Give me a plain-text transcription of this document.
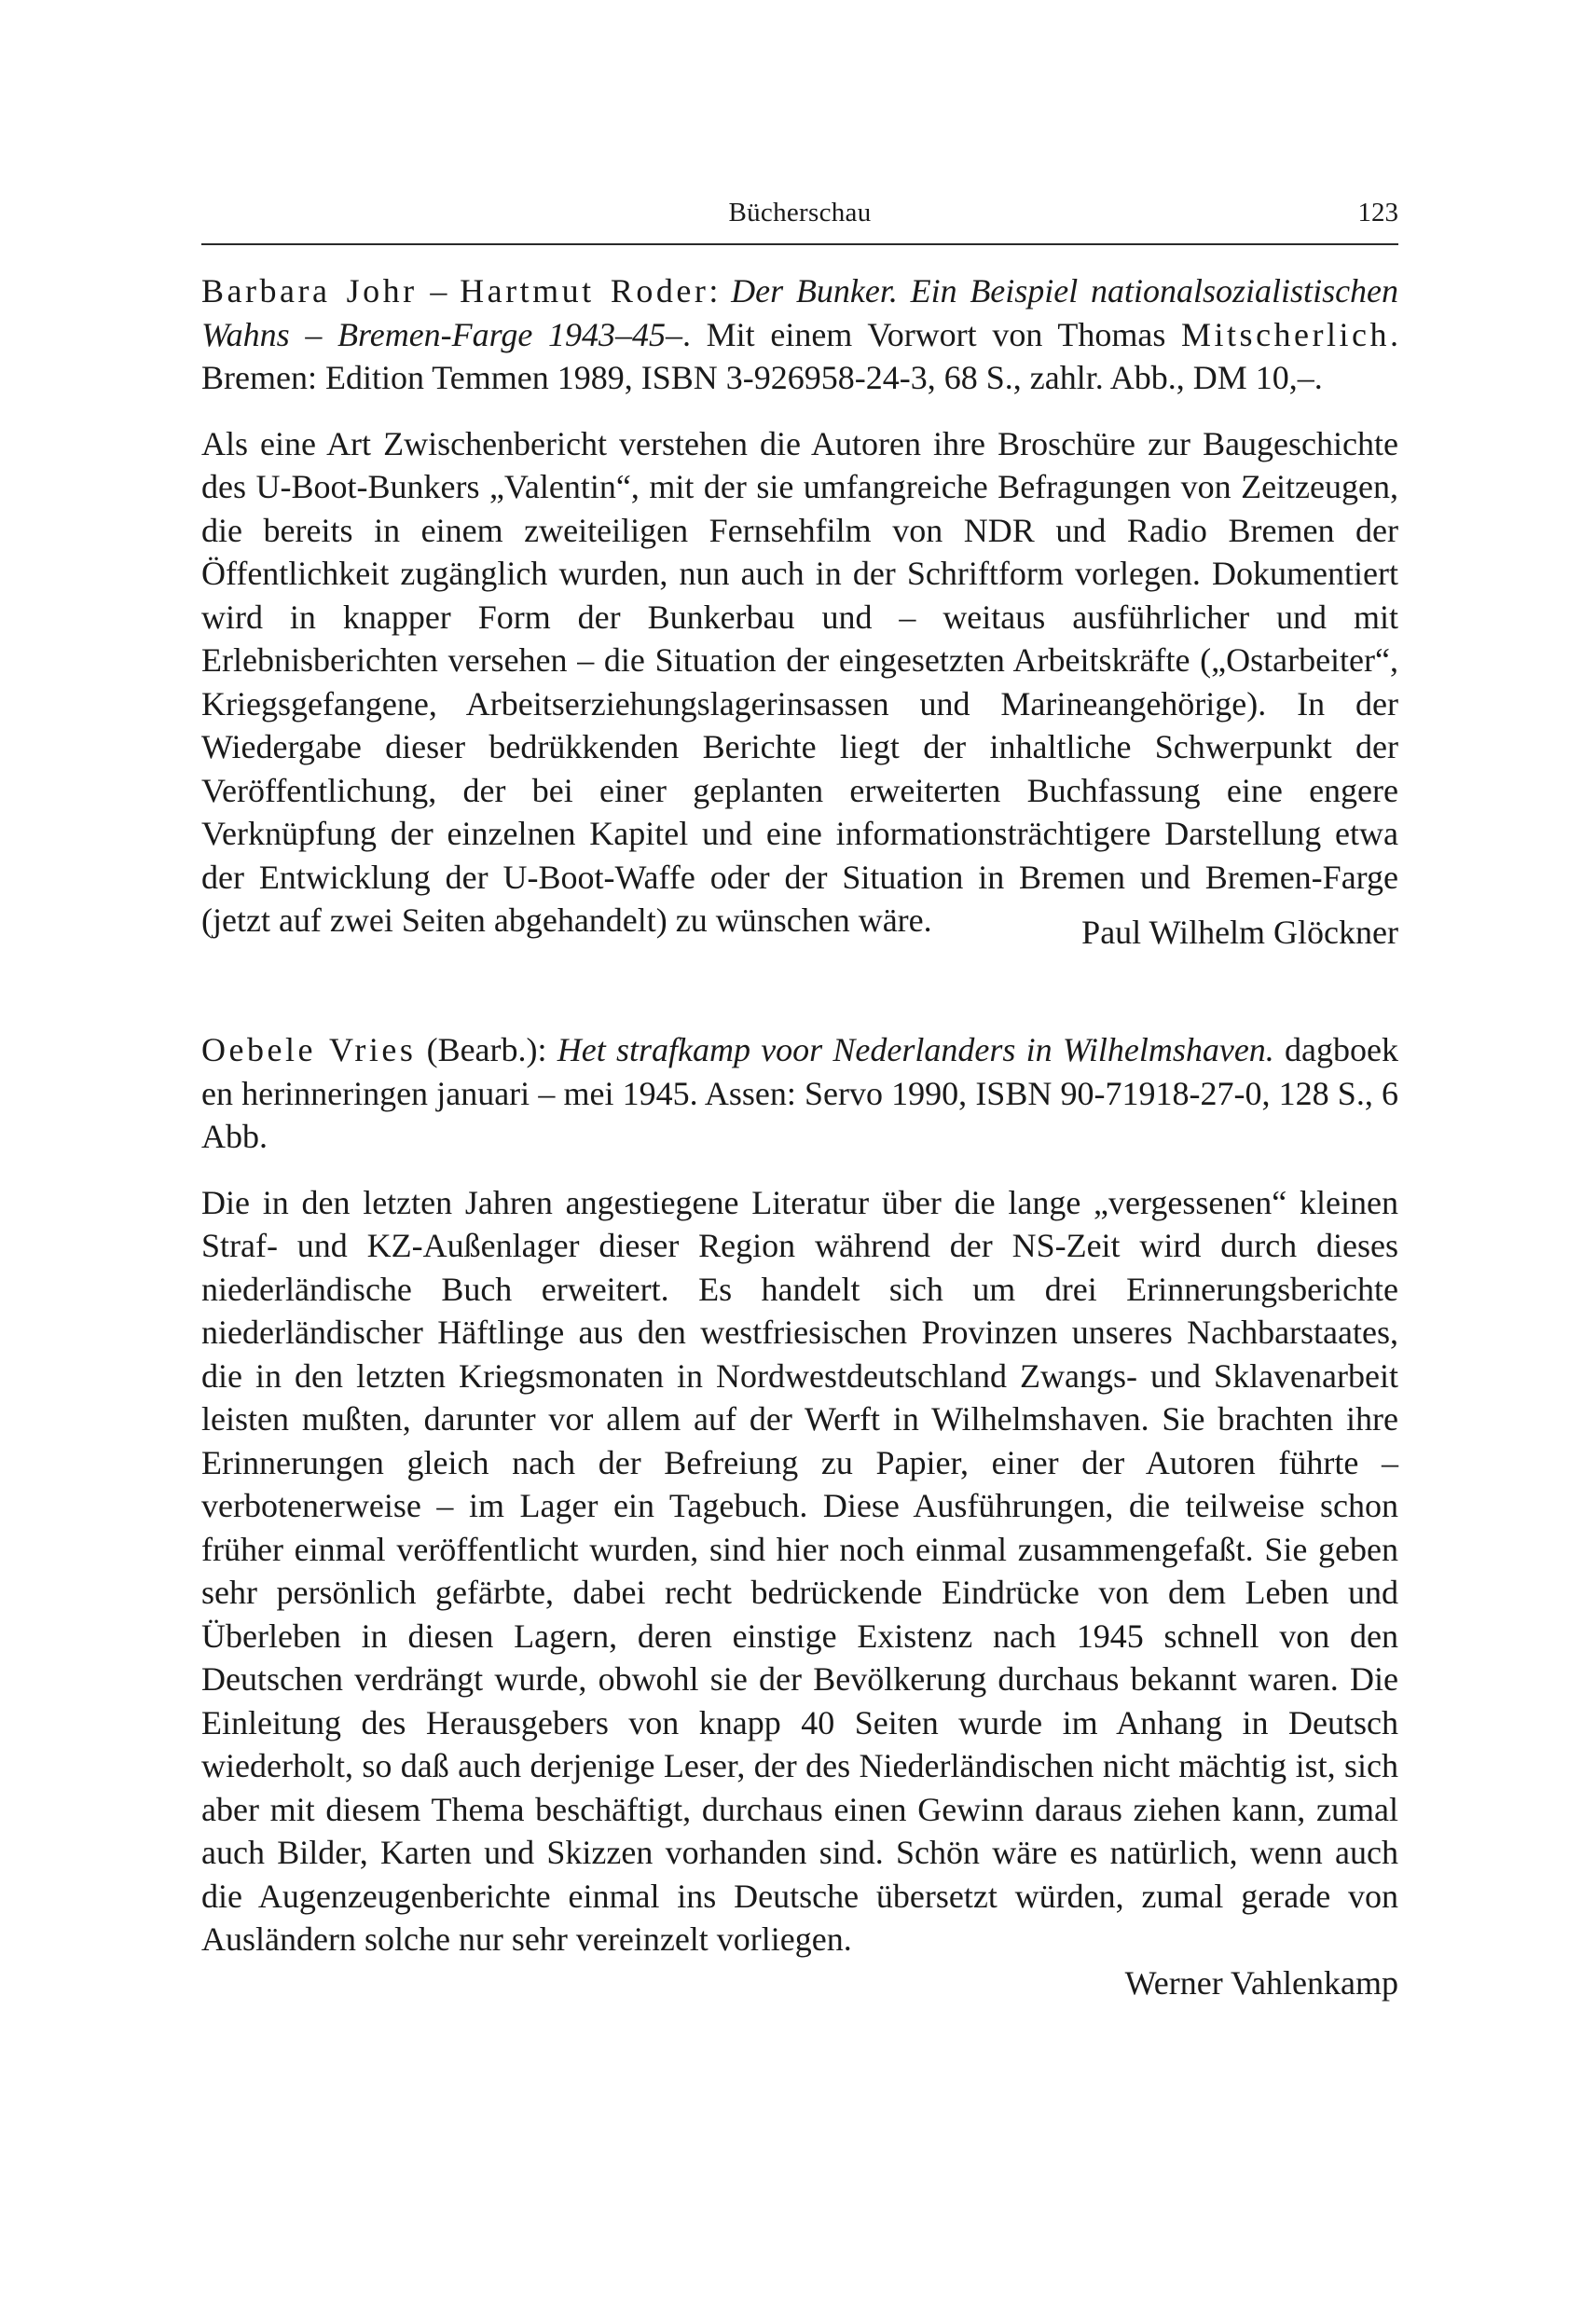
Bücherschau	123

Barbara Johr – Hartmut Roder: Der Bunker. Ein Beispiel nationalsozialistischen Wahns – Bremen-Farge 1943–45–. Mit einem Vorwort von Thomas Mitscherlich. Bremen: Edition Temmen 1989, ISBN 3-926958-24-3, 68 S., zahlr. Abb., DM 10,–.

Als eine Art Zwischenbericht verstehen die Autoren ihre Broschüre zur Baugeschichte des U-Boot-Bunkers „Valentin“, mit der sie umfangreiche Befragungen von Zeitzeugen, die bereits in einem zweiteiligen Fernsehfilm von NDR und Radio Bremen der Öffentlichkeit zugänglich wurden, nun auch in der Schriftform vorlegen. Dokumentiert wird in knapper Form der Bunkerbau und – weitaus ausführlicher und mit Erlebnisberichten versehen – die Situation der eingesetzten Arbeitskräfte („Ostarbeiter“, Kriegsgefangene, Arbeitserziehungslagerinsassen und Marineangehörige). In der Wiedergabe dieser bedrükkenden Berichte liegt der inhaltliche Schwerpunkt der Veröffentlichung, der bei einer geplanten erweiterten Buchfassung eine engere Verknüpfung der einzelnen Kapitel und eine informationsträchtigere Darstellung etwa der Entwicklung der U-Boot-Waffe oder der Situation in Bremen und Bremen-Farge (jetzt auf zwei Seiten abgehandelt) zu wünschen wäre.	Paul Wilhelm Glöckner

Oebele Vries (Bearb.): Het strafkamp voor Nederlanders in Wilhelmshaven. dagboek en herinneringen januari – mei 1945. Assen: Servo 1990, ISBN 90-71918-27-0, 128 S., 6 Abb.

Die in den letzten Jahren angestiegene Literatur über die lange „vergessenen“ kleinen Straf- und KZ-Außenlager dieser Region während der NS-Zeit wird durch dieses niederländische Buch erweitert. Es handelt sich um drei Erinnerungsberichte niederländischer Häftlinge aus den westfriesischen Provinzen unseres Nachbarstaates, die in den letzten Kriegsmonaten in Nordwestdeutschland Zwangs- und Sklavenarbeit leisten mußten, darunter vor allem auf der Werft in Wilhelmshaven. Sie brachten ihre Erinnerungen gleich nach der Befreiung zu Papier, einer der Autoren führte – verbotenerweise – im Lager ein Tagebuch. Diese Ausführungen, die teilweise schon früher einmal veröffentlicht wurden, sind hier noch einmal zusammengefaßt. Sie geben sehr persönlich gefärbte, dabei recht bedrückende Eindrücke von dem Leben und Überleben in diesen Lagern, deren einstige Existenz nach 1945 schnell von den Deutschen verdrängt wurde, obwohl sie der Bevölkerung durchaus bekannt waren. Die Einleitung des Herausgebers von knapp 40 Seiten wurde im Anhang in Deutsch wiederholt, so daß auch derjenige Leser, der des Niederländischen nicht mächtig ist, sich aber mit diesem Thema beschäftigt, durchaus einen Gewinn daraus ziehen kann, zumal auch Bilder, Karten und Skizzen vorhanden sind. Schön wäre es natürlich, wenn auch die Augenzeugenberichte einmal ins Deutsche übersetzt würden, zumal gerade von Ausländern solche nur sehr vereinzelt vorliegen.

Werner Vahlenkamp
